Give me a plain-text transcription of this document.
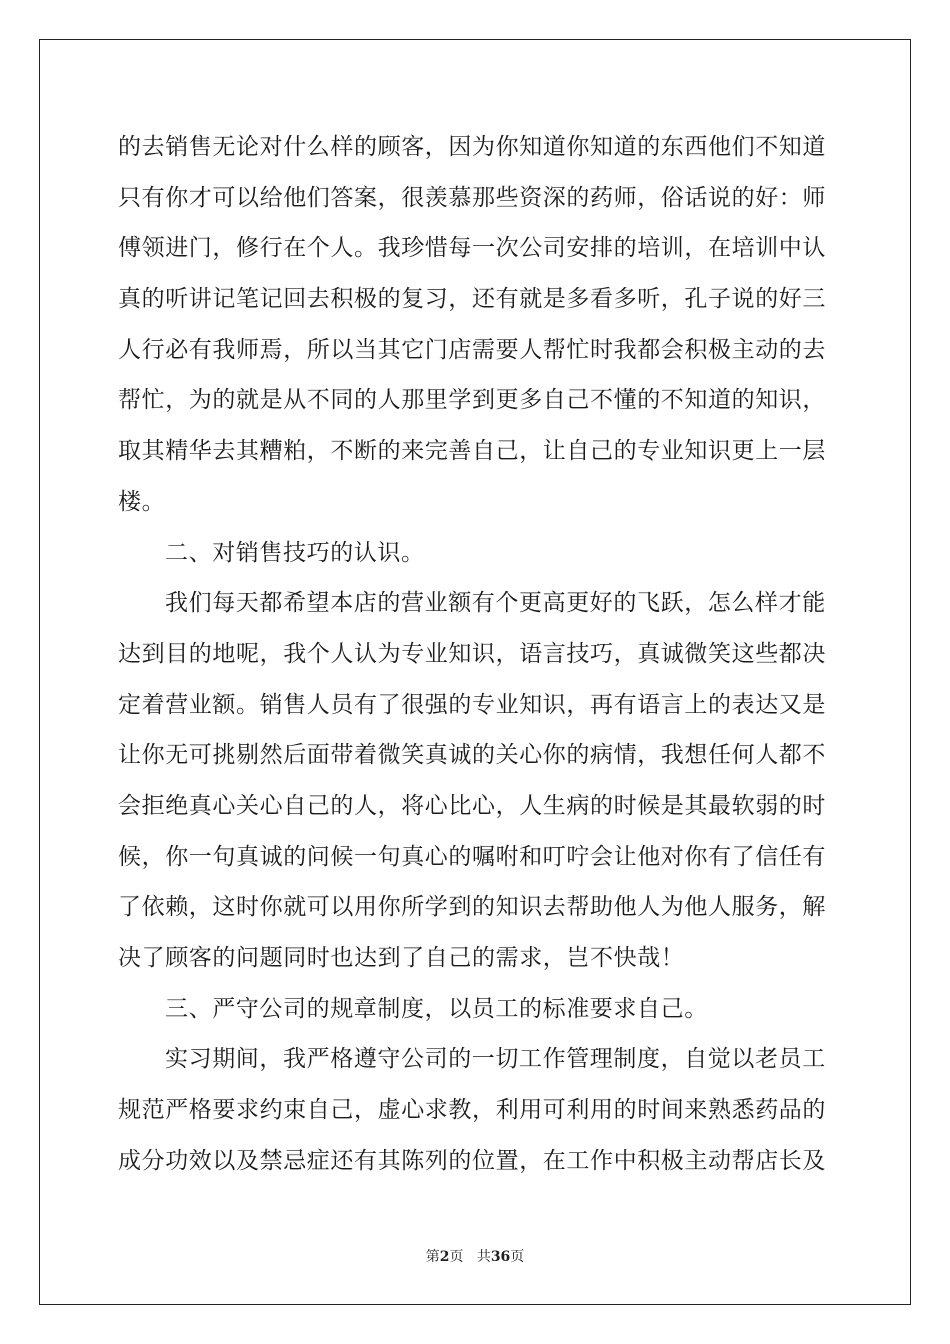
的去销售无论对什么样的顾客，因为你知道你知道的东西他们不知道
只有你才可以给他们答案，很羡慕那些资深的药师，俗话说的好：师
傅领进门，修行在个人。我珍惜每一次公司安排的培训，在培训中认
真的听讲记笔记回去积极的复习，还有就是多看多听，孔子说的好三
人行必有我师焉，所以当其它门店需要人帮忙时我都会积极主动的去
帮忙，为的就是从不同的人那里学到更多自己不懂的不知道的知识，
取其精华去其糟粕，不断的来完善自己，让自己的专业知识更上一层
楼。
二、对销售技巧的认识。
我们每天都希望本店的营业额有个更高更好的飞跃，怎么样才能
达到目的地呢，我个人认为专业知识，语言技巧，真诚微笑这些都决
定着营业额。销售人员有了很强的专业知识，再有语言上的表达又是
让你无可挑剔然后面带着微笑真诚的关心你的病情，我想任何人都不
会拒绝真心关心自己的人，将心比心，人生病的时候是其最软弱的时
候，你一句真诚的问候一句真心的嘱咐和叮咛会让他对你有了信任有
了依赖，这时你就可以用你所学到的知识去帮助他人为他人服务，解
决了顾客的问题同时也达到了自己的需求，岂不快哉！
三、严守公司的规章制度，以员工的标准要求自己。
实习期间，我严格遵守公司的一切工作管理制度，自觉以老员工
规范严格要求约束自己，虚心求教，利用可利用的时间来熟悉药品的
成分功效以及禁忌症还有其陈列的位置，在工作中积极主动帮店长及
第2页 共36页
